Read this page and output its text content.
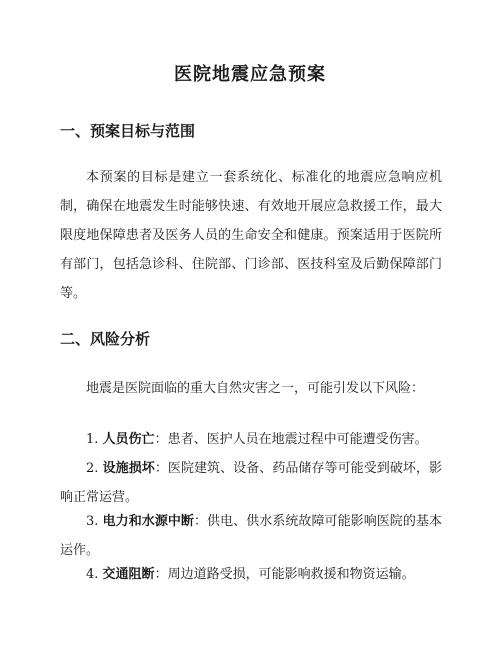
医院地震应急预案
一、预案目标与范围
本预案的目标是建立一套系统化、标准化的地震应急响应机制，确保在地震发生时能够快速、有效地开展应急救援工作，最大限度地保障患者及医务人员的生命安全和健康。预案适用于医院所有部门，包括急诊科、住院部、门诊部、医技科室及后勤保障部门等。
二、风险分析
地震是医院面临的重大自然灾害之一，可能引发以下风险：
1. 人员伤亡：患者、医护人员在地震过程中可能遭受伤害。
2. 设施损坏：医院建筑、设备、药品储存等可能受到破坏，影响正常运营。
3. 电力和水源中断：供电、供水系统故障可能影响医院的基本运作。
4. 交通阻断：周边道路受损，可能影响救援和物资运输。
